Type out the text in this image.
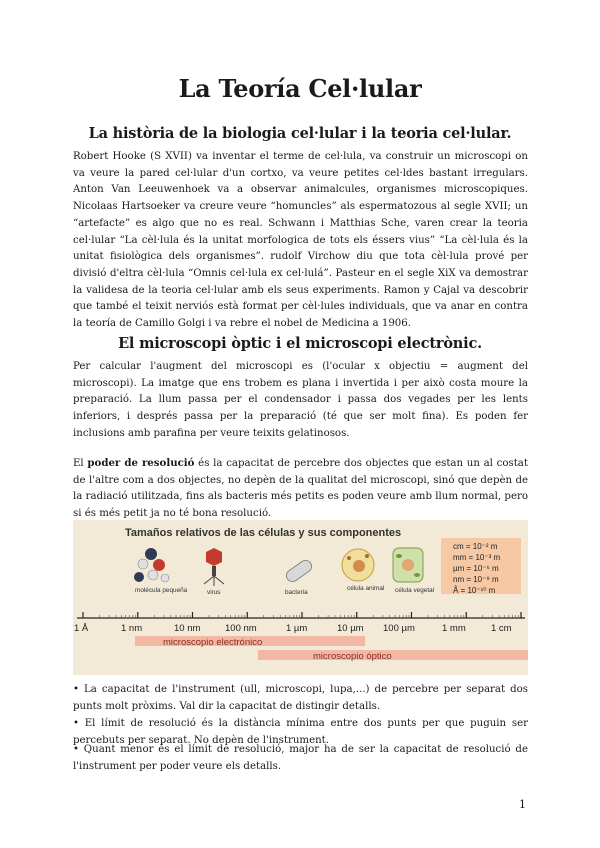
La Teoría Cel·lular
La història de la biologia cel·lular i la teoria cel·lular.

Robert Hooke (S XVII) va inventar el terme de cel·lula, va construir un microscopi on va veure la pared cel·lular d'un cortxo, va veure petites cel·ldes bastant irregulars. Anton Van Leeuwenhoek va a observar animalcules, organismes microscopiques. Nicolaas Hartsoeker va creure veure “homuncles” als espermatozous al segle XVII; un “artefacte” es algo que no es real. Schwann i Matthias Sche, varen crear la teoria cel·lular “La cèl·lula és la unitat morfologica de tots els éssers vius” “La cèl·lula és la unitat fisiològica dels organismes”. rudolf Virchow diu que tota cèl·lula prové per divisió d'eltra cèl·lula “Omnis cel·lula ex cel·lulá”. Pasteur en el segle XiX va demostrar la validesa de la teoria cel·lular amb els seus experiments. Ramon y Cajal va descobrir que també el teixit nerviós està format per cèl·lules individuals, que va anar en contra la teoría de Camillo Golgi i va rebre el nobel de Medicina a 1906.

El microscopi òptic i el microscopi electrònic.

Per calcular l'augment del microscopi es (l'ocular x objectiu = augment del microscopi). La imatge que ens trobem es plana i invertida i per això costa moure la preparació. La llum passa per el condensador i passa dos vegades per les lents inferiors, i després passa per la preparació (té que ser molt fina). Es poden fer inclusions amb parafina per veure teixits gelatinosos.

El poder de resolució és la capacitat de percebre dos objectes que estan un al costat de l'altre com a dos objectes, no depèn de la qualitat del microscopi, sinó que depèn de la radiació utilitzada, fins als bacteris més petits es poden veure amb llum normal, pero si és més petit ja no té bona resolució.

Tamaños relativos de las células y sus componentes
molécula pequeña	virus	bacteria
célula animal célula vegetal
cm = 10⁻² m
mm = 10⁻³ m
µm = 10⁻⁶ m
nm = 10⁻⁹ m
Å = 10⁻¹⁰ m
1 Å	1 nm	10 nm	100 nm	1 µm	10 µm 100 µm	1 mm	1 cm
microscopio electrónico
microscopio óptico

• La capacitat de l'instrument (ull, microscopi, lupa,...) de percebre per separat dos punts molt pròxims. Val dir la capacitat de distingir detalls.

• El límit de resolució és la distància mínima entre dos punts per que puguin ser percebuts per separat. No depèn de l'instrument.

• Quant menor és el límit de resolució, major ha de ser la capacitat de resolució de l'instrument per poder veure els detalls.

1
